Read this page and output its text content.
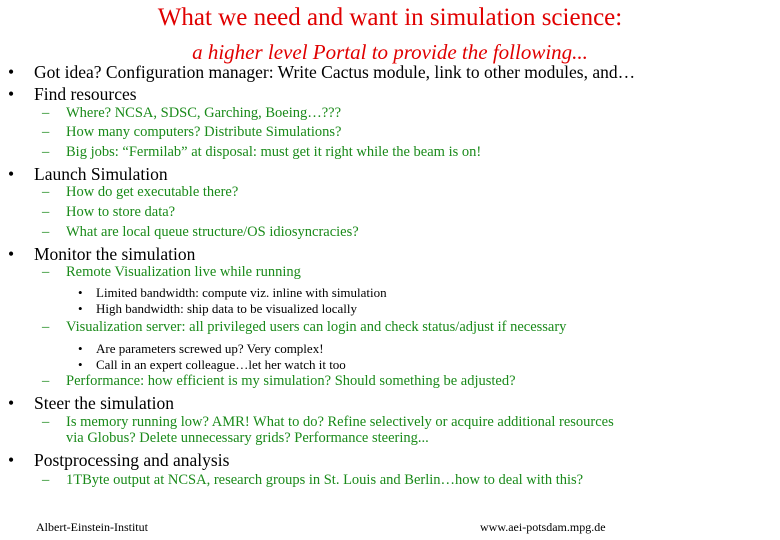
What we need and want in simulation science:
a higher level Portal to provide the following...
• Got idea? Configuration manager: Write Cactus module, link to other modules, and…
• Find resources
– Where? NCSA, SDSC, Garching, Boeing…???
– How many computers? Distribute Simulations?
– Big jobs: “Fermilab” at disposal: must get it right while the beam is on!
• Launch Simulation
– How do get executable there?
– How to store data?
– What are local queue structure/OS idiosyncracies?
• Monitor the simulation
– Remote Visualization live while running
• Limited bandwidth: compute viz. inline with simulation
• High bandwidth: ship data to be visualized locally
– Visualization server: all privileged users can login and check status/adjust if necessary
• Are parameters screwed up? Very complex!
• Call in an expert colleague…let her watch it too
– Performance: how efficient is my simulation? Should something be adjusted?
• Steer the simulation
– Is memory running low? AMR! What to do? Refine selectively or acquire additional resources
via Globus? Delete unnecessary grids? Performance steering...
• Postprocessing and analysis
– 1TByte output at NCSA, research groups in St. Louis and Berlin…how to deal with this?
Albert-Einstein-Institut	www.aei-potsdam.mpg.de
